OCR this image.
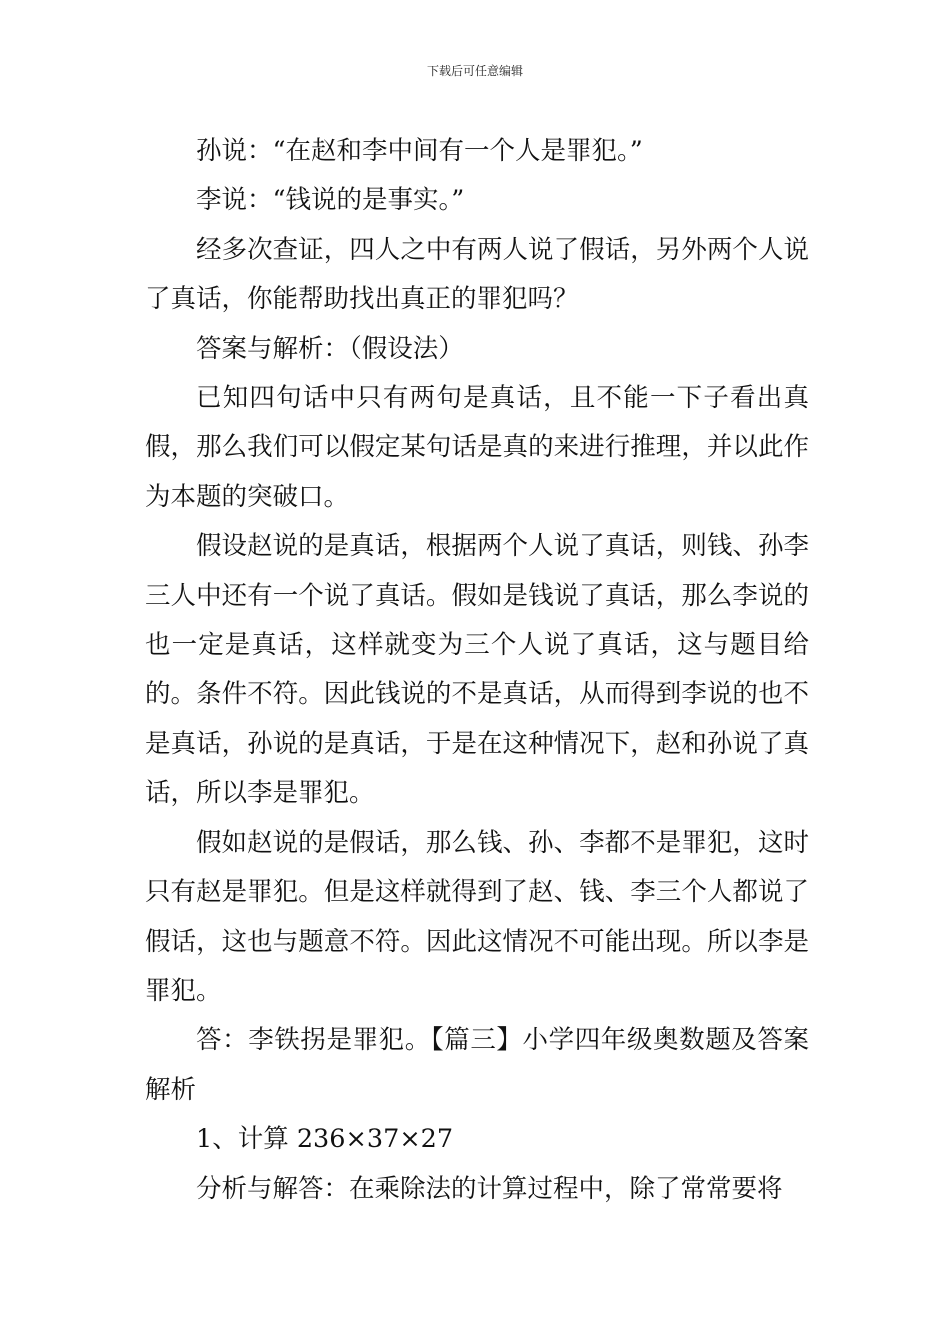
下载后可任意编辑

孙说：“在赵和李中间有一个人是罪犯。”

李说：“钱说的是事实。”

经多次查证，四人之中有两人说了假话，另外两个人说了真话，你能帮助找出真正的罪犯吗？

答案与解析：（假设法）

已知四句话中只有两句是真话，且不能一下子看出真假，那么我们可以假定某句话是真的来进行推理，并以此作为本题的突破口。

假设赵说的是真话，根据两个人说了真话，则钱、孙李三人中还有一个说了真话。假如是钱说了真话，那么李说的也一定是真话，这样就变为三个人说了真话，这与题目给的。条件不符。因此钱说的不是真话，从而得到李说的也不是真话，孙说的是真话，于是在这种情况下，赵和孙说了真话，所以李是罪犯。

假如赵说的是假话，那么钱、孙、李都不是罪犯，这时只有赵是罪犯。但是这样就得到了赵、钱、李三个人都说了假话，这也与题意不符。因此这情况不可能出现。所以李是罪犯。

答：李铁拐是罪犯。【篇三】小学四年级奥数题及答案解析

1、计算 236×37×27

分析与解答：在乘除法的计算过程中，除了常常要将
